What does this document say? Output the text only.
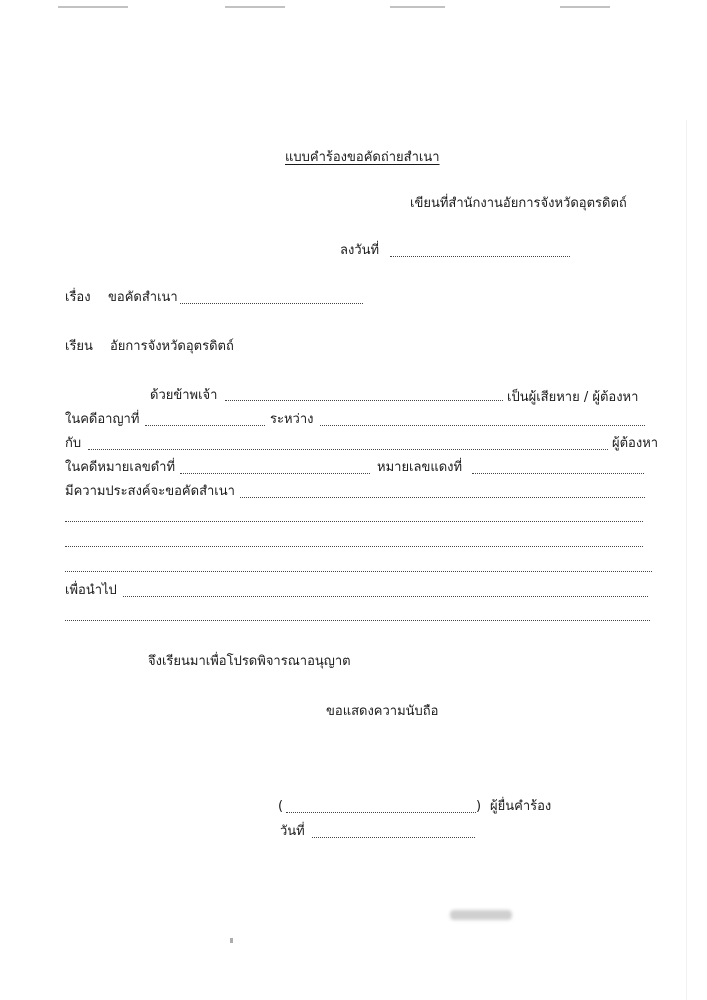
แบบคำร้องขอคัดถ่ายสำเนา
เขียนที่สำนักงานอัยการจังหวัดอุตรดิตถ์
ลงวันที่
เรื่อง ขอคัดสำเนา
เรียน อัยการจังหวัดอุตรดิตถ์
ด้วยข้าพเจ้า	เป็นผู้เสียหาย / ผู้ต้องหา
ในคดีอาญาที่	ระหว่าง
กับ	ผู้ต้องหา
ในคดีหมายเลขดำที่	หมายเลขแดงที่
มีความประสงค์จะขอคัดสำเนา
เพื่อนำไป
จึงเรียนมาเพื่อโปรดพิจารณาอนุญาต
ขอแสดงความนับถือ
(	) ผู้ยื่นคำร้อง
วันที่
